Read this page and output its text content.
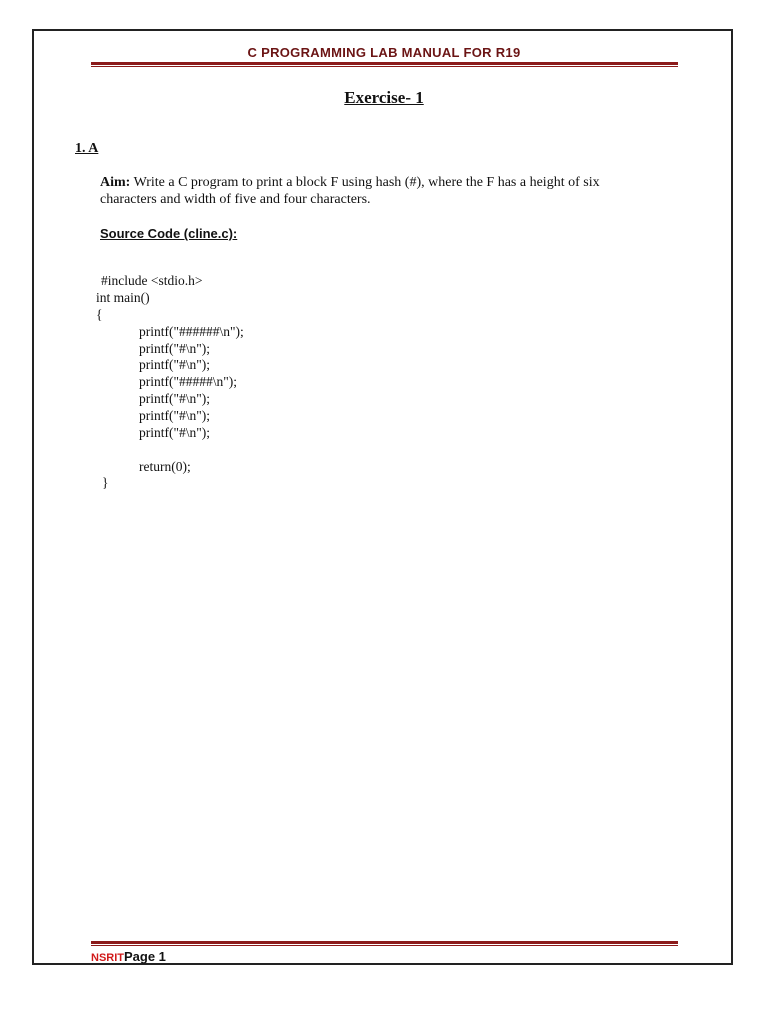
C PROGRAMMING LAB MANUAL FOR R19
Exercise- 1
1. A
Aim: Write a C program to print a block F using hash (#), where the F has a height of six
characters and width of five and four characters.
Source Code (cline.c):
#include <stdio.h>
int main()
{
printf("######\n");
printf("#\n");
printf("#\n");
printf("#####\n");
printf("#\n");
printf("#\n");
printf("#\n");
return(0);
}
NSRITPage 1
